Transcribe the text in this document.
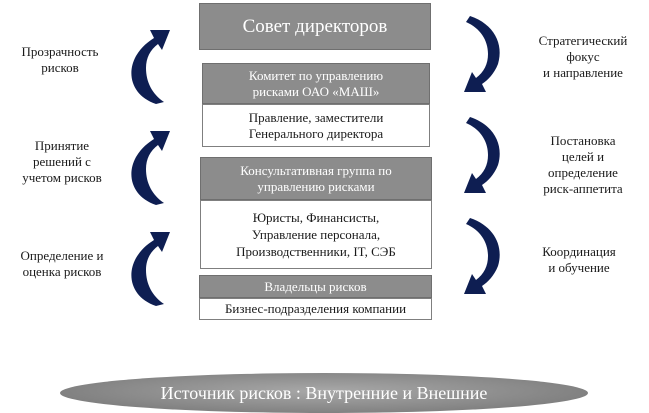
Совет директоров
Комитет по управлению
рисками ОАО «МАШ»
Правление, заместители
Генерального директора
Консультативная группа по
управлению рисками
Юристы, Финансисты,
Управление персонала,
Производственники, IT, СЭБ
Владельцы рисков
Бизнес-подразделения компании
Прозрачность
рисков
Принятие
решений с
учетом рисков
Определение и
оценка рисков
Стратегический
фокус
и направление
Постановка
целей и
определение
риск-аппетита
Координация
и обучение
Источник рисков : Внутренние и Внешние
